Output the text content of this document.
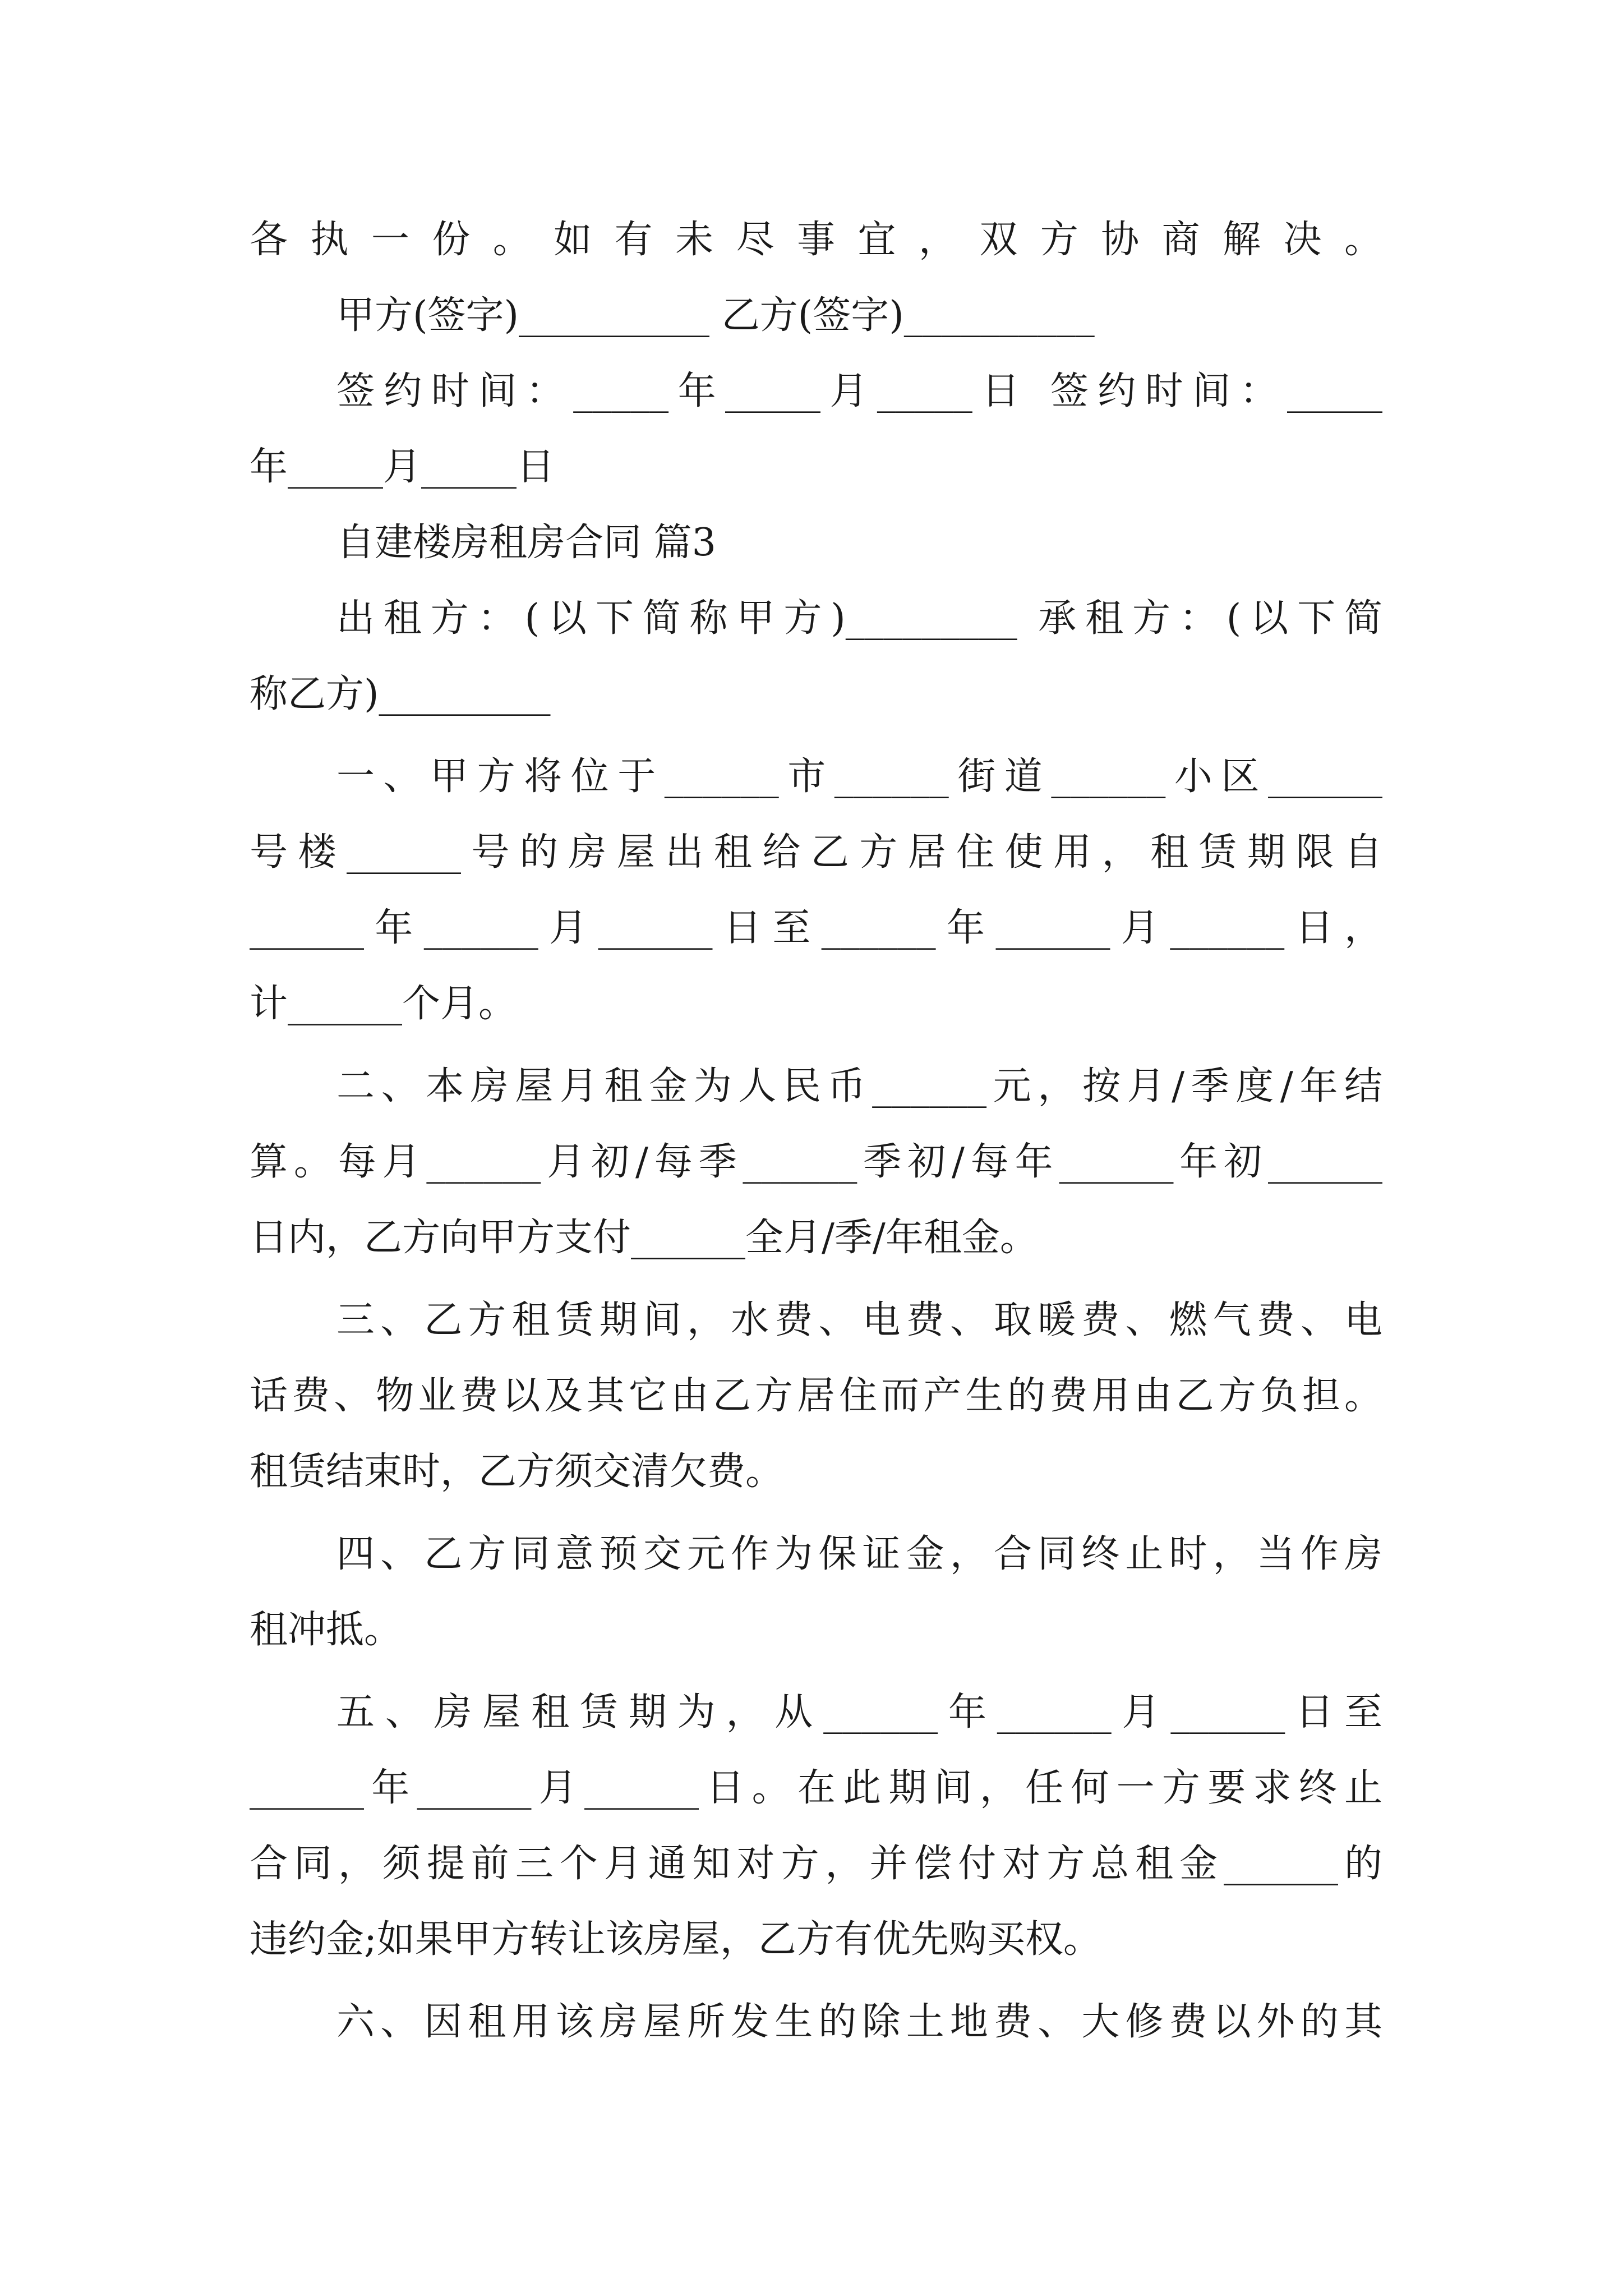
各执一份。如有未尽事宜，双方协商解决。
甲方(签字)__________ 乙方(签字)__________
签约时间：_____年_____月_____日 签约时间：_____
年_____月_____日
自建楼房租房合同 篇3
出租方：(以下简称甲方)_________ 承租方：(以下简
称乙方)_________
一、甲方将位于______市______街道______小区______
号楼______号的房屋出租给乙方居住使用，租赁期限自
______年______月______日至______年______月______日，
计______个月。
二、本房屋月租金为人民币______元，按月/季度/年结
算。每月______月初/每季______季初/每年______年初______
日内，乙方向甲方支付______全月/季/年租金。
三、乙方租赁期间，水费、电费、取暖费、燃气费、电
话费、物业费以及其它由乙方居住而产生的费用由乙方负担。
租赁结束时，乙方须交清欠费。
四、乙方同意预交元作为保证金，合同终止时，当作房
租冲抵。
五、房屋租赁期为，从______年______月______日至
______年______月______日。在此期间，任何一方要求终止
合同，须提前三个月通知对方，并偿付对方总租金______的
违约金;如果甲方转让该房屋，乙方有优先购买权。
六、因租用该房屋所发生的除土地费、大修费以外的其
